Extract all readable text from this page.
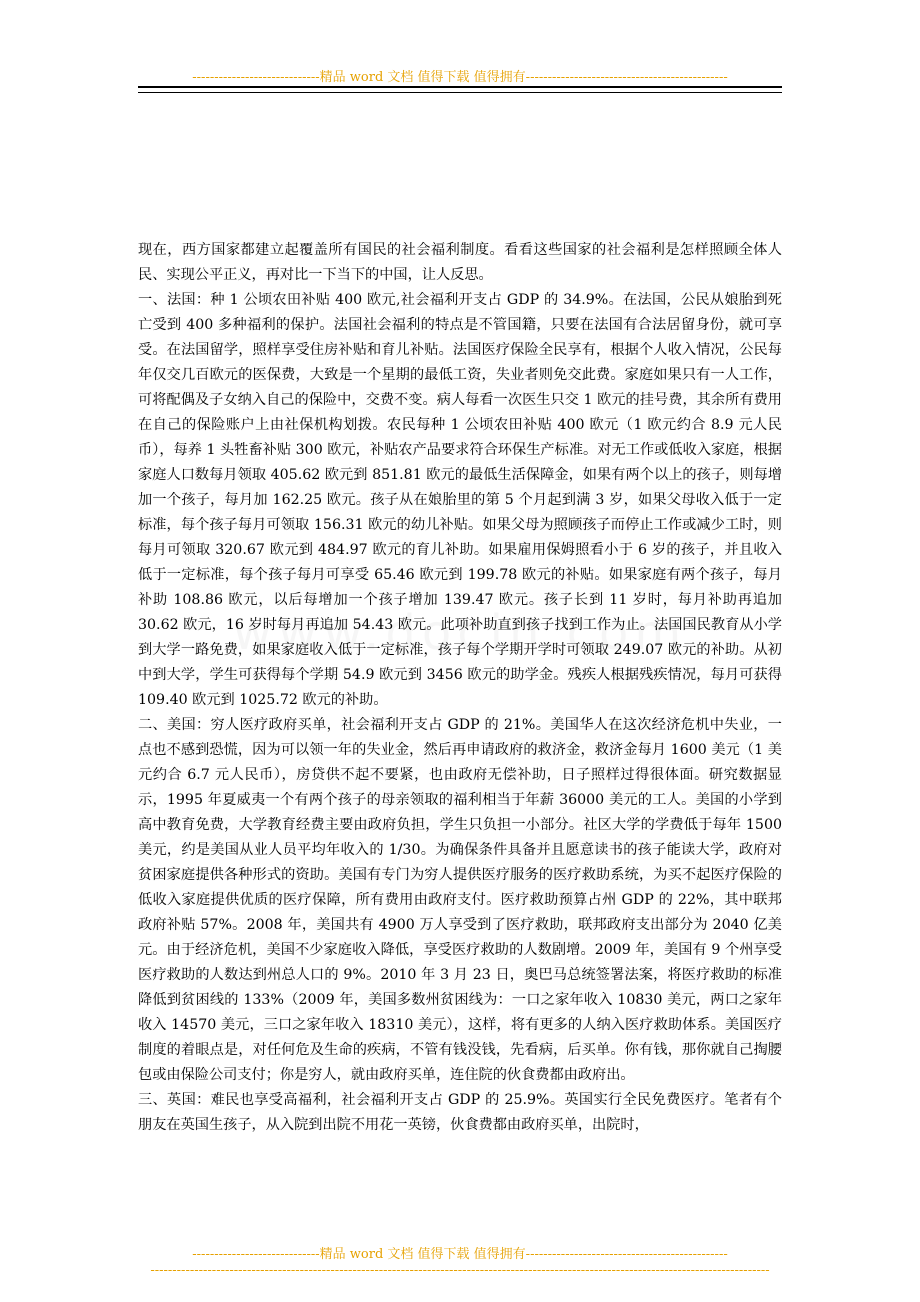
-----------------------------精品 word 文档 值得下载 值得拥有----------------------------------------------

现在，西方国家都建立起覆盖所有国民的社会福利制度。看看这些国家的社会福利是怎样照顾全体人民、实现公平正义，再对比一下当下的中国，让人反思。

一、法国：种 1 公顷农田补贴 400 欧元,社会福利开支占 GDP 的 34.9%。在法国，公民从娘胎到死亡受到 400 多种福利的保护。法国社会福利的特点是不管国籍，只要在法国有合法居留身份，就可享受。在法国留学，照样享受住房补贴和育儿补贴。法国医疗保险全民享有，根据个人收入情况，公民每年仅交几百欧元的医保费，大致是一个星期的最低工资，失业者则免交此费。家庭如果只有一人工作，可将配偶及子女纳入自己的保险中，交费不变。病人每看一次医生只交 1 欧元的挂号费，其余所有费用在自己的保险账户上由社保机构划拨。农民每种 1 公顷农田补贴 400 欧元（1 欧元约合 8.9 元人民币），每养 1 头牲畜补贴 300 欧元，补贴农产品要求符合环保生产标准。对无工作或低收入家庭，根据家庭人口数每月领取 405.62 欧元到 851.81 欧元的最低生活保障金，如果有两个以上的孩子，则每增加一个孩子，每月加 162.25 欧元。孩子从在娘胎里的第 5 个月起到满 3 岁，如果父母收入低于一定标准，每个孩子每月可领取 156.31 欧元的幼儿补贴。如果父母为照顾孩子而停止工作或减少工时，则每月可领取 320.67 欧元到 484.97 欧元的育儿补助。如果雇用保姆照看小于 6 岁的孩子，并且收入低于一定标准，每个孩子每月可享受 65.46 欧元到 199.78 欧元的补贴。如果家庭有两个孩子，每月补助 108.86 欧元，以后每增加一个孩子增加 139.47 欧元。孩子长到 11 岁时，每月补助再追加 30.62 欧元，16 岁时每月再追加 54.43 欧元。此项补助直到孩子找到工作为止。法国国民教育从小学到大学一路免费，如果家庭收入低于一定标准，孩子每个学期开学时可领取 249.07 欧元的补助。从初中到大学，学生可获得每个学期 54.9 欧元到 3456 欧元的助学金。残疾人根据残疾情况，每月可获得 109.40 欧元到 1025.72 欧元的补助。

二、美国：穷人医疗政府买单，社会福利开支占 GDP 的 21%。美国华人在这次经济危机中失业，一点也不感到恐慌，因为可以领一年的失业金，然后再申请政府的救济金，救济金每月 1600 美元（1 美元约合 6.7 元人民币），房贷供不起不要紧，也由政府无偿补助，日子照样过得很体面。研究数据显示，1995 年夏威夷一个有两个孩子的母亲领取的福利相当于年薪 36000 美元的工人。美国的小学到高中教育免费，大学教育经费主要由政府负担，学生只负担一小部分。社区大学的学费低于每年 1500 美元，约是美国从业人员平均年收入的 1/30。为确保条件具备并且愿意读书的孩子能读大学，政府对贫困家庭提供各种形式的资助。美国有专门为穷人提供医疗服务的医疗救助系统，为买不起医疗保险的低收入家庭提供优质的医疗保障，所有费用由政府支付。医疗救助预算占州 GDP 的 22%，其中联邦政府补贴 57%。2008 年，美国共有 4900 万人享受到了医疗救助，联邦政府支出部分为 2040 亿美元。由于经济危机，美国不少家庭收入降低，享受医疗救助的人数剧增。2009 年，美国有 9 个州享受医疗救助的人数达到州总人口的 9%。2010 年 3 月 23 日，奥巴马总统签署法案，将医疗救助的标准降低到贫困线的 133%（2009 年，美国多数州贫困线为：一口之家年收入 10830 美元，两口之家年收入 14570 美元，三口之家年收入 18310 美元），这样，将有更多的人纳入医疗救助体系。美国医疗制度的着眼点是，对任何危及生命的疾病，不管有钱没钱，先看病，后买单。你有钱，那你就自己掏腰包或由保险公司支付；你是穷人，就由政府买单，连住院的伙食费都由政府出。

三、英国：难民也享受高福利，社会福利开支占 GDP 的 25.9%。英国实行全民免费医疗。笔者有个朋友在英国生孩子，从入院到出院不用花一英镑，伙食费都由政府买单，出院时，

-----------------------------精品 word 文档 值得下载 值得拥有----------------------------------------------
---------------------------------------------------------------------------------------------------------------------------------------------
